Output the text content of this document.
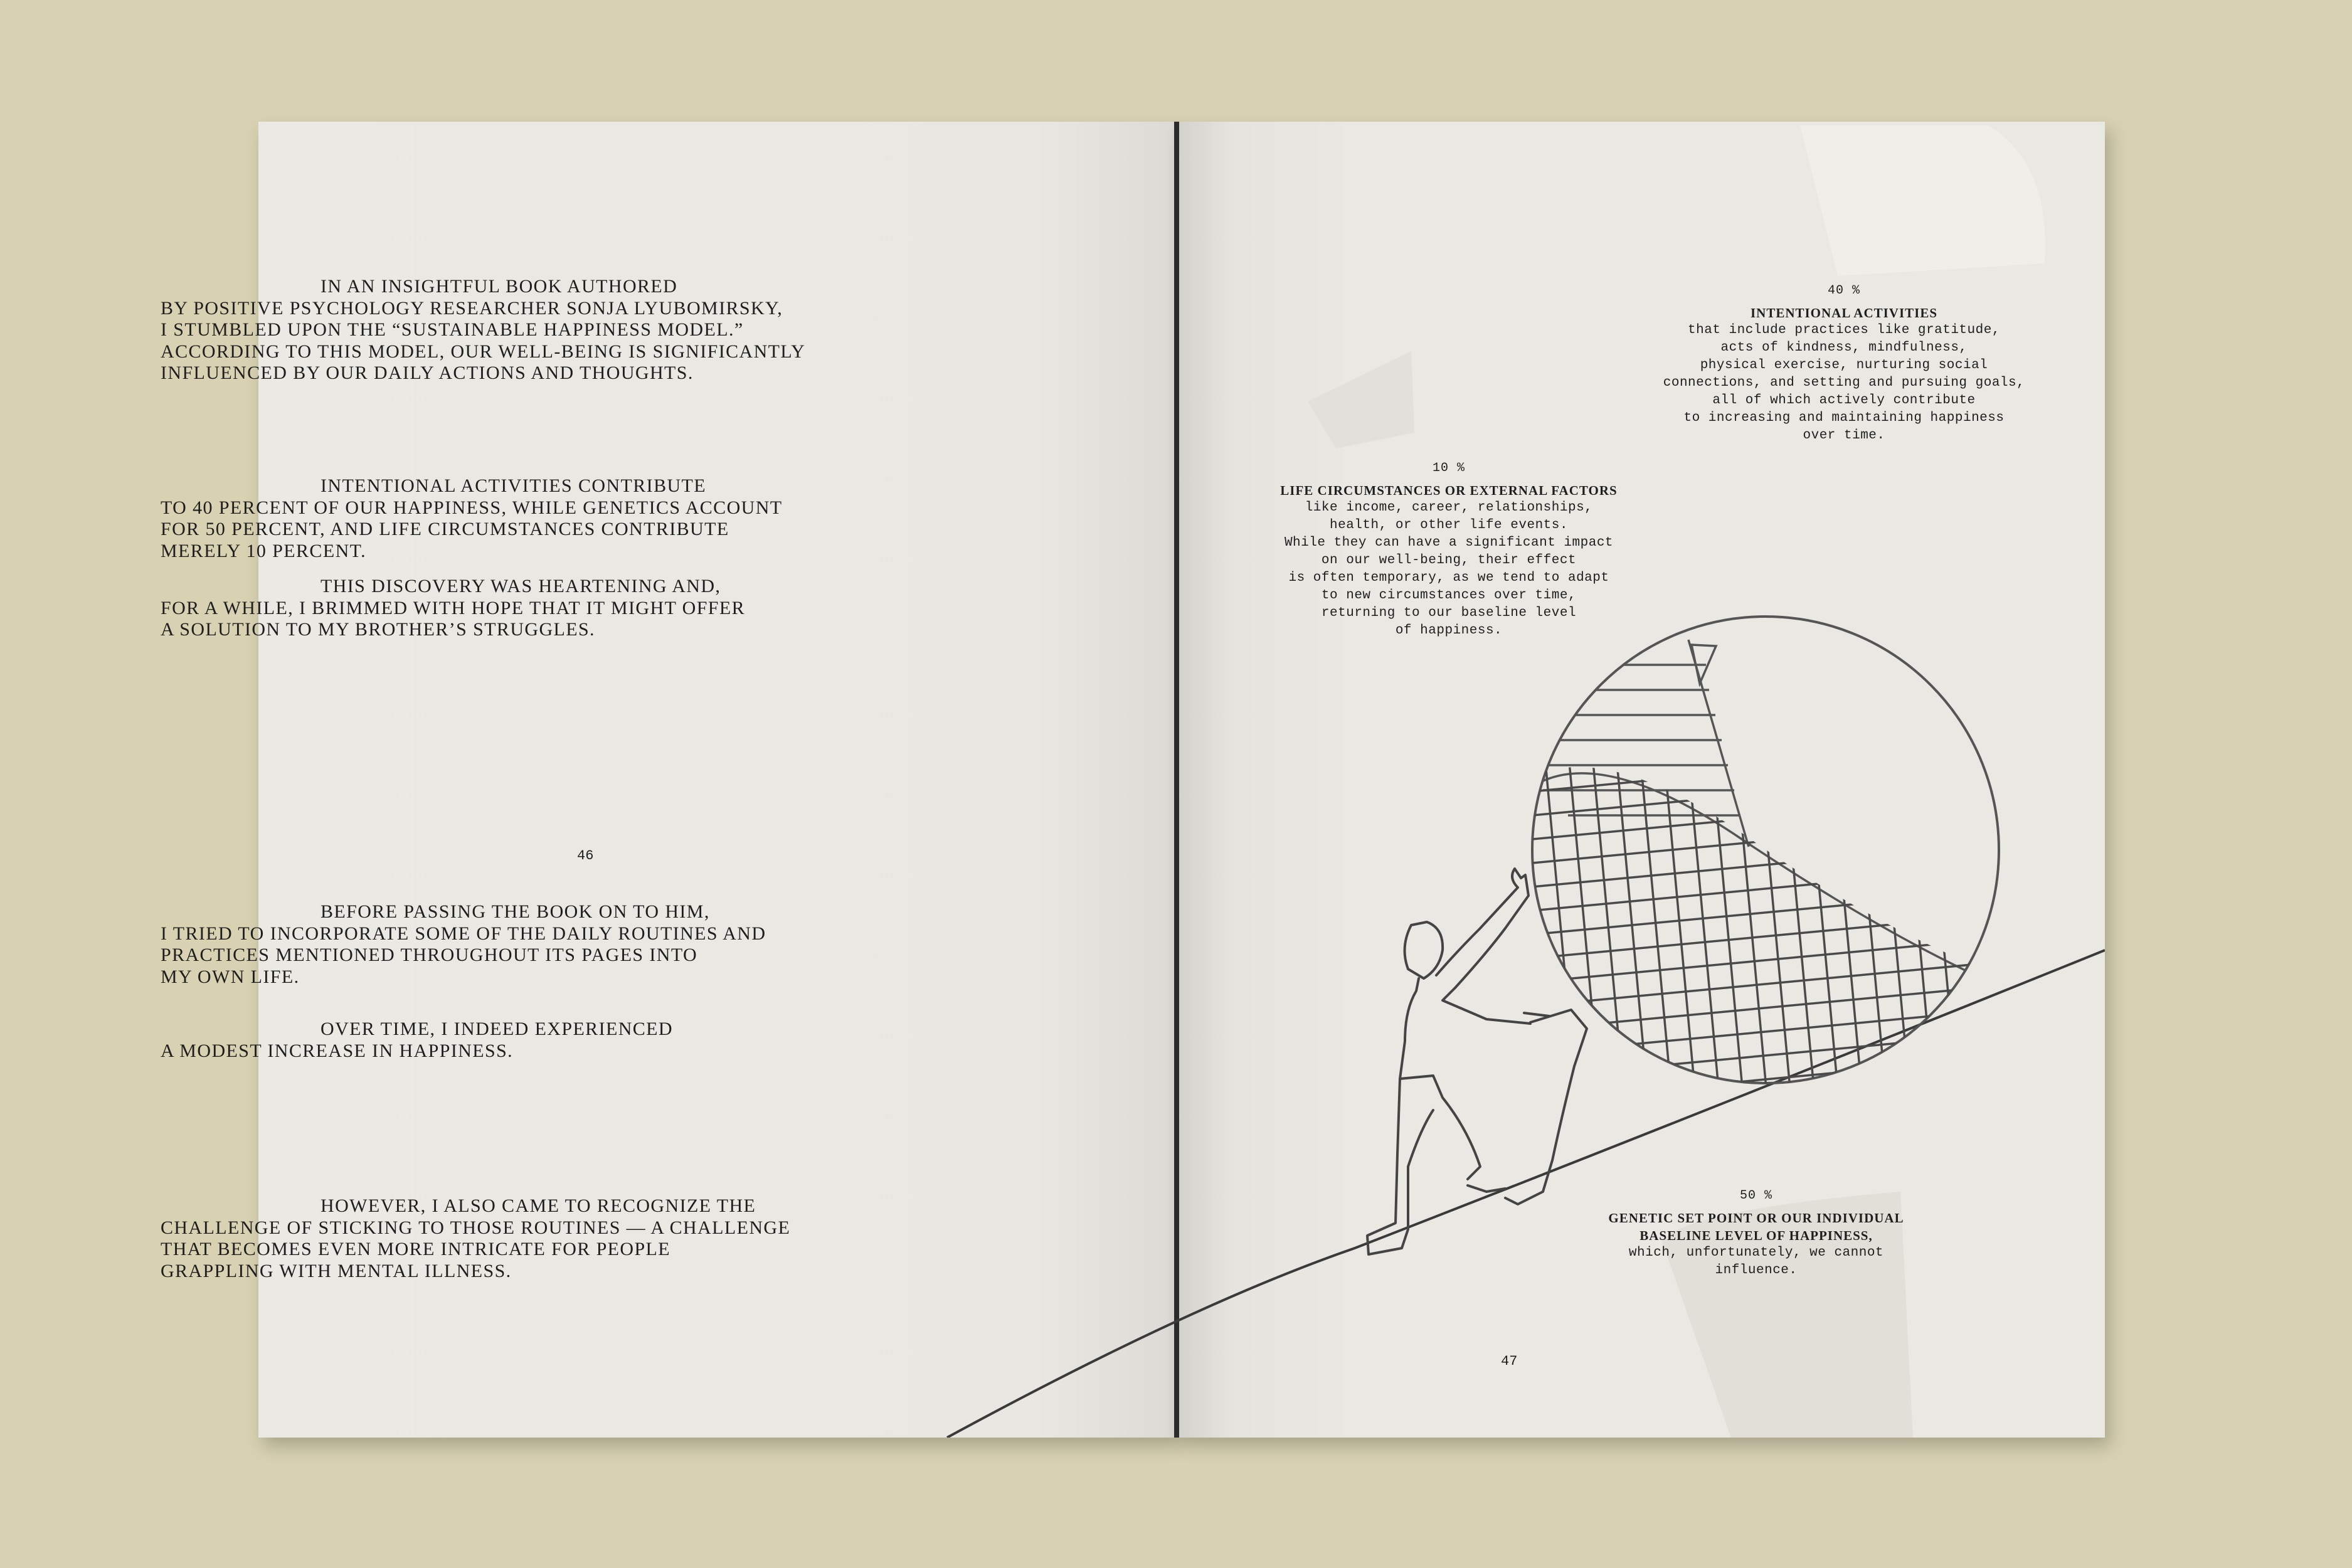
IN AN INSIGHTFUL BOOK AUTHORED
BY POSITIVE PSYCHOLOGY RESEARCHER SONJA LYUBOMIRSKY,
I STUMBLED UPON THE “SUSTAINABLE HAPPINESS MODEL.”
ACCORDING TO THIS MODEL, OUR WELL-BEING IS SIGNIFICANTLY
INFLUENCED BY OUR DAILY ACTIONS AND THOUGHTS.

INTENTIONAL ACTIVITIES CONTRIBUTE
TO 40 PERCENT OF OUR HAPPINESS, WHILE GENETICS ACCOUNT
FOR 50 PERCENT, AND LIFE CIRCUMSTANCES CONTRIBUTE
MERELY 10 PERCENT.

THIS DISCOVERY WAS HEARTENING AND,
FOR A WHILE, I BRIMMED WITH HOPE THAT IT MIGHT OFFER
A SOLUTION TO MY BROTHER’S STRUGGLES.

46

BEFORE PASSING THE BOOK ON TO HIM,
I TRIED TO INCORPORATE SOME OF THE DAILY ROUTINES AND
PRACTICES MENTIONED THROUGHOUT ITS PAGES INTO
MY OWN LIFE.

OVER TIME, I INDEED EXPERIENCED
A MODEST INCREASE IN HAPPINESS.

HOWEVER, I ALSO CAME TO RECOGNIZE THE
CHALLENGE OF STICKING TO THOSE ROUTINES — A CHALLENGE
THAT BECOMES EVEN MORE INTRICATE FOR PEOPLE
GRAPPLING WITH MENTAL ILLNESS.

40 %
INTENTIONAL ACTIVITIES
that include practices like gratitude,
acts of kindness, mindfulness,
physical exercise, nurturing social
connections, and setting and pursuing goals,
all of which actively contribute
to increasing and maintaining happiness
over time.
10 %
LIFE CIRCUMSTANCES OR EXTERNAL FACTORS
like income, career, relationships,
health, or other life events.
While they can have a significant impact
on our well-being, their effect
is often temporary, as we tend to adapt
to new circumstances over time,
returning to our baseline level
of happiness.
50 %
GENETIC SET POINT OR OUR INDIVIDUAL
BASELINE LEVEL OF HAPPINESS,
which, unfortunately, we cannot
influence.
47
